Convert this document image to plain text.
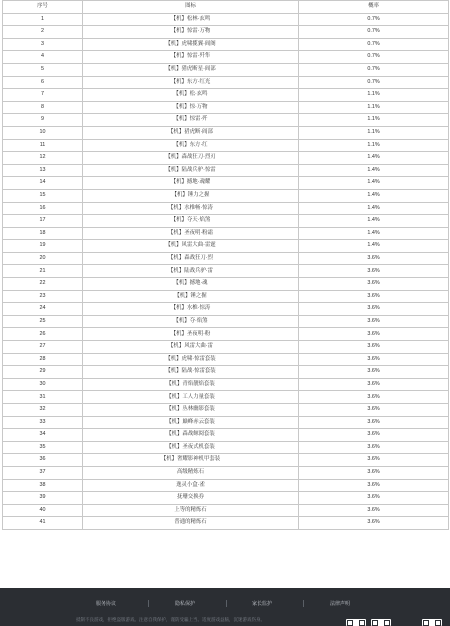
序号	图标	概率
1	【机】松林·玄鸣	0.7%
2	【机】惊雷·万物	0.7%
3	【机】虎啸揽翼·阎阁	0.7%
4	【机】惊雷·歼隼	0.7%
5	【机】猎虎断星·阎部	0.7%
6	【机】东方·红光	0.7%
7	【机】松·玄鸣	1.1%
8	【机】惊·万物	1.1%
9	【机】惊雷·歼	1.1%
10	【机】猎虎断·阎部	1.1%
11	【机】东方·红	1.1%
12	【机】森战狂刀·烈刃	1.4%
13	【机】陆战兵驴·惊雷	1.4%
14	【机】撼地·魂耀	1.4%
15	【机】锤力之握	1.4%
16	【机】水椎畅·惊涛	1.4%
17	【机】夺天·焰煞	1.4%
18	【机】圣夜明·粉霜	1.4%
19	【机】风雷大曲·雷霆	1.4%
20	【机】森战狂刀·烈	3.6%
21	【机】陆战兵驴·雷	3.6%
22	【机】撼地·魂	3.6%
23	【机】锤之握	3.6%
24	【机】水椎·惊涛	3.6%
25	【机】夺·焰煞	3.6%
26	【机】圣夜明·粉	3.6%
27	【机】风雷大曲·雷	3.6%
28	【机】虎啸·惊雷套装	3.6%
29	【机】陆战·惊雷套装	3.6%
30	【机】青焰靓焰套装	3.6%
31	【机】工人力量套装	3.6%
32	【机】丛林幽影套装	3.6%
33	【机】巅峰赤云套装	3.6%
34	【机】森战鲸阅套装	3.6%
35	【机】圣夜式机套装	3.6%
36	【机】奢耀影神机甲套装	3.6%
37	高级精炼石	3.6%
38	逸灵小盒·雀	3.6%
39	抚珊交换券	3.6%
40	上等的精炼石	3.6%
41	普通的精炼石	3.6%
服务协议	隐私保护	家长监护	法律声明
抵制不良游戏，拒绝盗版游戏。注意自我保护，谨防受骗上当。适度游戏益脑，沉迷游戏伤身。
